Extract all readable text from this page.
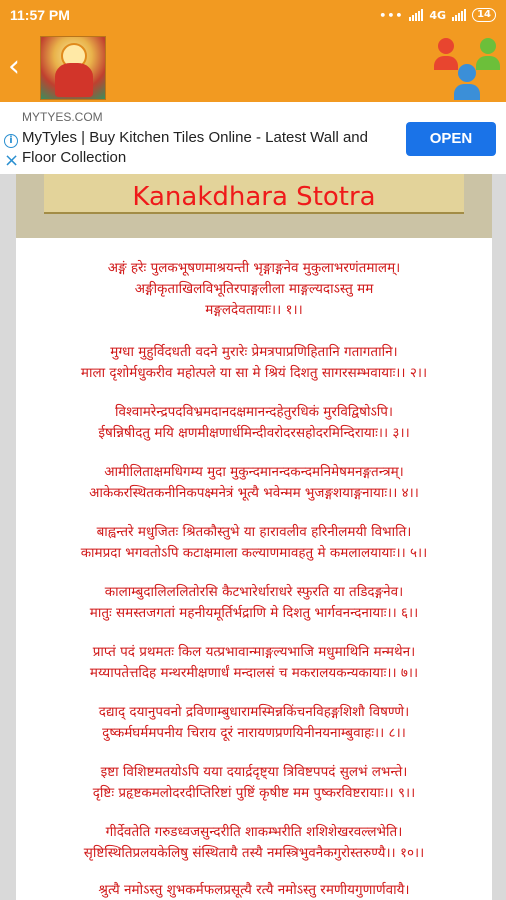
11:57 PM	••• 4G	14
‹
MYTYES.COM
i
×
MyTyles | Buy Kitchen Tiles Online - Latest Wall and Floor Collection
OPEN
Kanakdhara Stotra
अङ्गं हरेः पुलकभूषणमाश्रयन्ती भृङ्गाङ्गनेव मुकुलाभरणंतमालम्।
अङ्गीकृताखिलविभूतिरपाङ्गलीला माङ्गल्यदाऽस्तु मम
मङ्गलदेवतायाः।। १।।
मुग्धा मुहुर्विदधती वदने मुरारेः प्रेमत्रपाप्रणिहितानि गतागतानि।
माला दृशोर्मधुकरीव महोत्पले या सा मे श्रियं दिशतु सागरसम्भवायाः।। २।।
विश्वामरेन्द्रपदविभ्रमदानदक्षमानन्दहेतुरधिकं मुरविद्विषोऽपि।
ईषन्निषीदतु मयि क्षणमीक्षणार्धमिन्दीवरोदरसहोदरमिन्दिरायाः।। ३।।
आमीलिताक्षमधिगम्य मुदा मुकुन्दमानन्दकन्दमनिमेषमनङ्गतन्त्रम्।
आकेकरस्थितकनीनिकपक्ष्मनेत्रं भूत्यै भवेन्मम भुजङ्गशयाङ्गनायाः।। ४।।
बाह्वन्तरे मधुजितः श्रितकौस्तुभे या हारावलीव हरिनीलमयी विभाति।
कामप्रदा भगवतोऽपि कटाक्षमाला कल्याणमावहतु मे कमलालयायाः।। ५।।
कालाम्बुदालिललितोरसि कैटभारेर्धाराधरे स्फुरति या तडिदङ्गनेव।
मातुः समस्तजगतां महनीयमूर्तिर्भद्राणि मे दिशतु भार्गवनन्दनायाः।। ६।।
प्राप्तं पदं प्रथमतः किल यत्प्रभावान्माङ्गल्यभाजि मधुमाथिनि मन्मथेन।
मय्यापतेत्तदिह मन्थरमीक्षणार्धं मन्दालसं च मकरालयकन्यकायाः।। ७।।
दद्याद् दयानुपवनो द्रविणाम्बुधारामस्मिन्नकिंचनविहङ्गशिशौ विषण्णे।
दुष्कर्मघर्ममपनीय चिराय दूरं नारायणप्रणयिनीनयनाम्बुवाहः।। ८।।
इष्टा विशिष्टमतयोऽपि यया दयार्द्रदृष्ट्या त्रिविष्टपपदं सुलभं लभन्ते।
दृष्टिः प्रहृष्टकमलोदरदीप्तिरिष्टां पुष्टिं कृषीष्ट मम पुष्करविष्टरायाः।। ९।।
गीर्देवतेति गरुडध्वजसुन्दरीति शाकम्भरीति शशिशेखरवल्लभेति।
सृष्टिस्थितिप्रलयकेलिषु संस्थितायै तस्यै नमस्त्रिभुवनैकगुरोस्तरुण्यै।। १०।।
श्रुत्यै नमोऽस्तु शुभकर्मफलप्रसूत्यै रत्यै नमोऽस्तु रमणीयगुणार्णवायै।
